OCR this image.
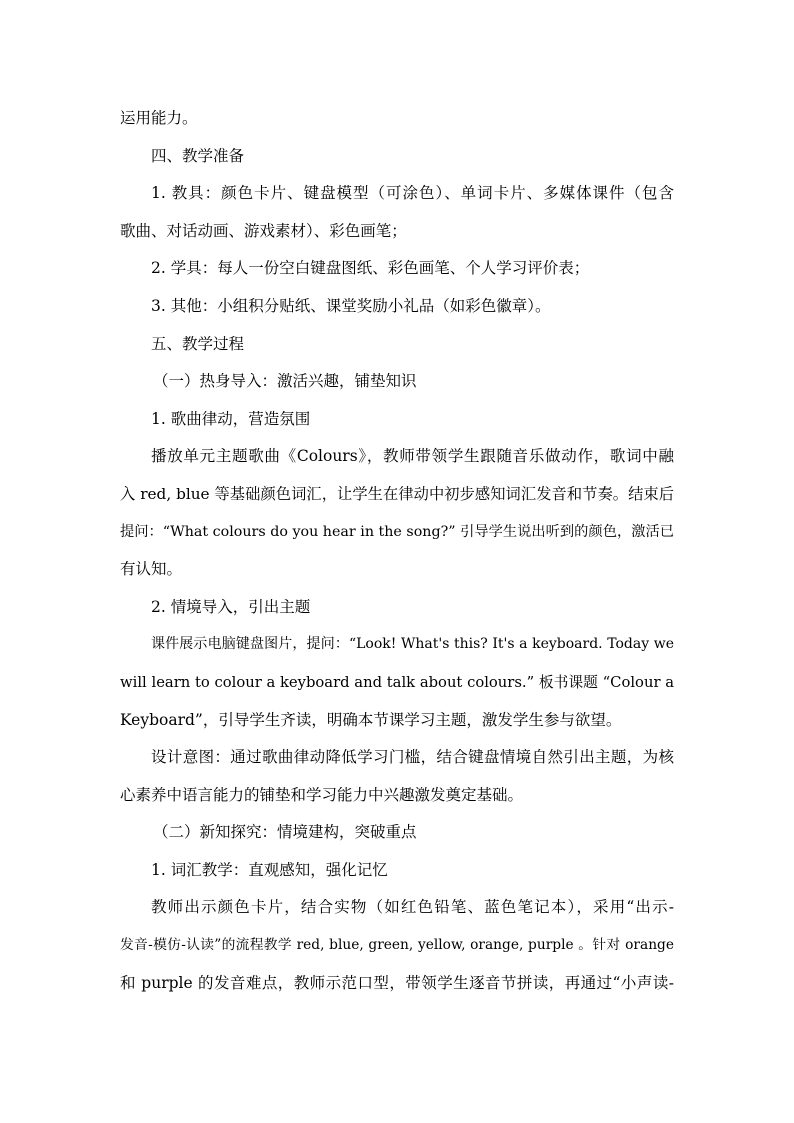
运用能力。
四、教学准备
1. 教具：颜色卡片、键盘模型（可涂色）、单词卡片、多媒体课件（包含
歌曲、对话动画、游戏素材）、彩色画笔；
2. 学具：每人一份空白键盘图纸、彩色画笔、个人学习评价表；
3. 其他：小组积分贴纸、课堂奖励小礼品（如彩色徽章）。
五、教学过程
（一）热身导入：激活兴趣，铺垫知识
1. 歌曲律动，营造氛围
播放单元主题歌曲《Colours》，教师带领学生跟随音乐做动作，歌词中融
入 red, blue 等基础颜色词汇，让学生在律动中初步感知词汇发音和节奏。结束后
提问：“What colours do you hear in the song?” 引导学生说出听到的颜色，激活已
有认知。
2. 情境导入，引出主题
课件展示电脑键盘图片，提问：“Look! What's this? It's a keyboard. Today we
will learn to colour a keyboard and talk about colours.” 板书课题 “Colour a
Keyboard”，引导学生齐读，明确本节课学习主题，激发学生参与欲望。
设计意图：通过歌曲律动降低学习门槛，结合键盘情境自然引出主题，为核
心素养中语言能力的铺垫和学习能力中兴趣激发奠定基础。
（二）新知探究：情境建构，突破重点
1. 词汇教学：直观感知，强化记忆
教师出示颜色卡片，结合实物（如红色铅笔、蓝色笔记本），采用“出示-
发音-模仿-认读”的流程教学 red, blue, green, yellow, orange, purple 。针对 orange
和 purple 的发音难点，教师示范口型，带领学生逐音节拼读，再通过“小声读-
